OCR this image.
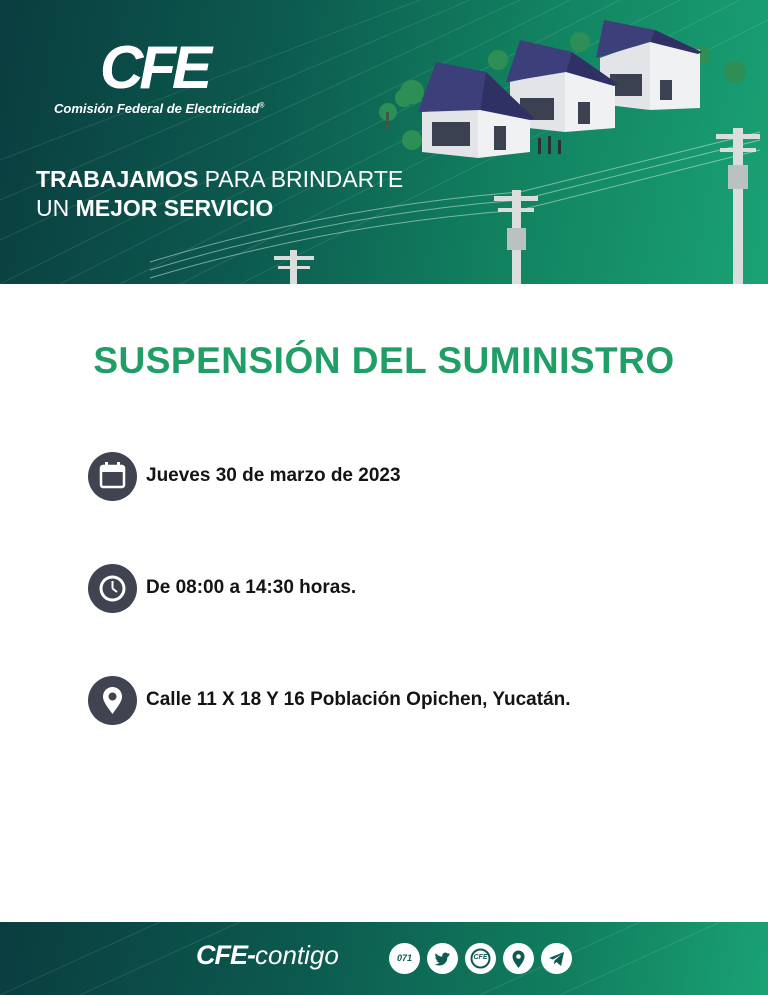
CFE
Comisión Federal de Electricidad®
TRABAJAMOS PARA BRINDARTE
UN MEJOR SERVICIO
SUSPENSIÓN DEL SUMINISTRO
Jueves 30 de marzo de 2023
De 08:00 a 14:30 horas.
Calle 11 X 18 Y 16 Población Opichen, Yucatán.
CFE-contigo	071	CFE
